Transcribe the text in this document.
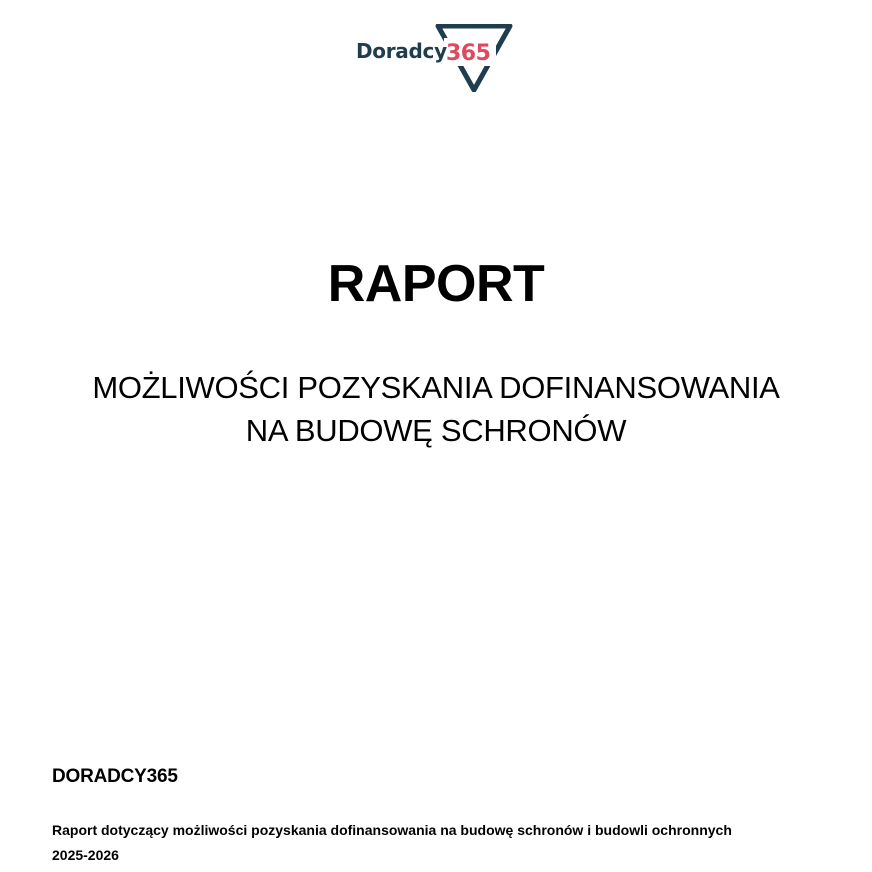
Doradcy 365
RAPORT
MOŻLIWOŚCI POZYSKANIA DOFINANSOWANIA
NA BUDOWĘ SCHRONÓW
DORADCY365
Raport dotyczący możliwości pozyskania dofinansowania na budowę schronów i budowli ochronnych
2025-2026
